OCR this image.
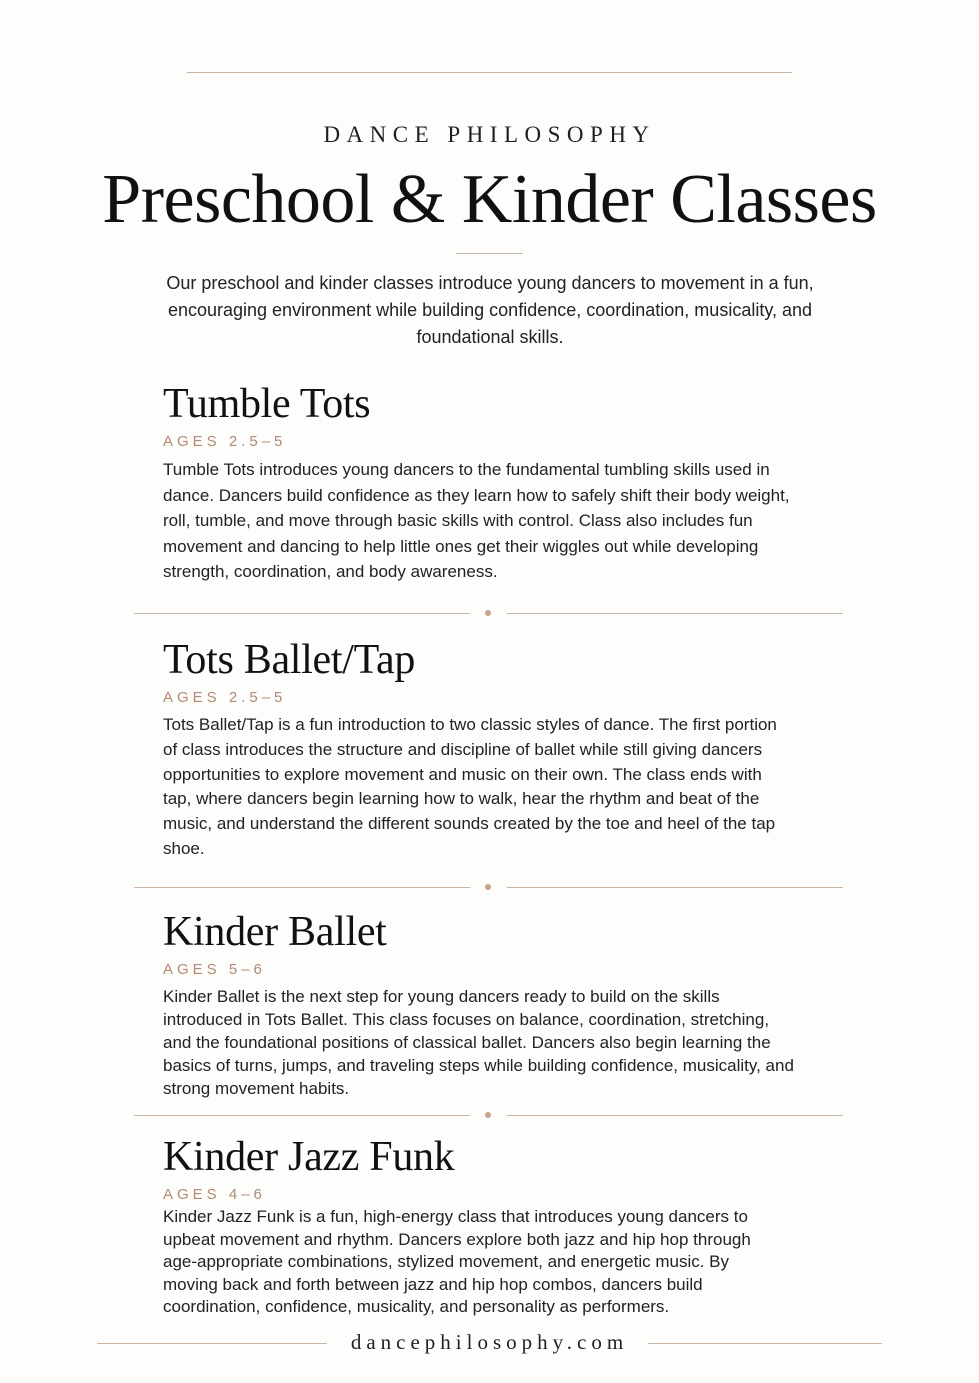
DANCE PHILOSOPHY
Preschool & Kinder Classes
Our preschool and kinder classes introduce young dancers to movement in a fun, encouraging environment while building confidence, coordination, musicality, and foundational skills.
Tumble Tots
AGES 2.5–5
Tumble Tots introduces young dancers to the fundamental tumbling skills used in dance. Dancers build confidence as they learn how to safely shift their body weight, roll, tumble, and move through basic skills with control. Class also includes fun movement and dancing to help little ones get their wiggles out while developing strength, coordination, and body awareness.
Tots Ballet/Tap
AGES 2.5–5
Tots Ballet/Tap is a fun introduction to two classic styles of dance. The first portion of class introduces the structure and discipline of ballet while still giving dancers opportunities to explore movement and music on their own. The class ends with tap, where dancers begin learning how to walk, hear the rhythm and beat of the music, and understand the different sounds created by the toe and heel of the tap shoe.
Kinder Ballet
AGES 5–6
Kinder Ballet is the next step for young dancers ready to build on the skills introduced in Tots Ballet. This class focuses on balance, coordination, stretching, and the foundational positions of classical ballet. Dancers also begin learning the basics of turns, jumps, and traveling steps while building confidence, musicality, and strong movement habits.
Kinder Jazz Funk
AGES 4–6
Kinder Jazz Funk is a fun, high-energy class that introduces young dancers to upbeat movement and rhythm. Dancers explore both jazz and hip hop through age-appropriate combinations, stylized movement, and energetic music. By moving back and forth between jazz and hip hop combos, dancers build coordination, confidence, musicality, and personality as performers.
dancephilosophy.com
